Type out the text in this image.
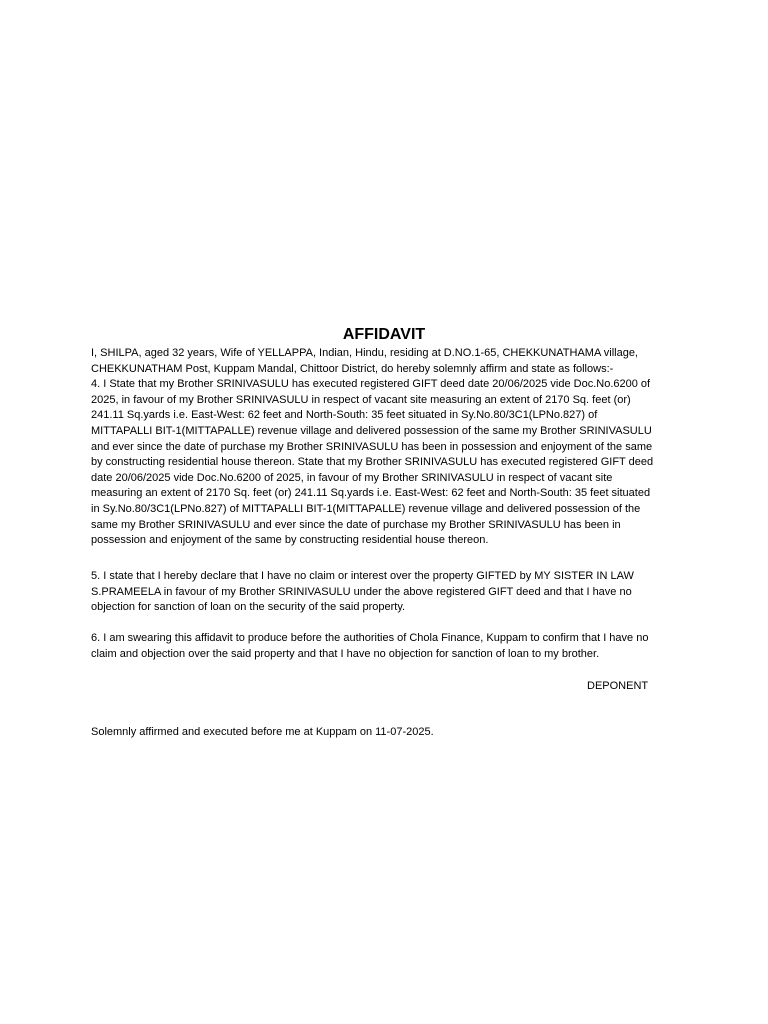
AFFIDAVIT

I, SHILPA, aged 32 years, Wife of YELLAPPA, Indian, Hindu, residing at D.NO.1-65, CHEKKUNATHAMA village,
CHEKKUNATHAM Post, Kuppam Mandal, Chittoor District, do hereby solemnly affirm and state as follows:-
4. I State that my Brother SRINIVASULU has executed registered GIFT deed date 20/06/2025 vide Doc.No.6200 of
2025, in favour of my Brother SRINIVASULU in respect of vacant site measuring an extent of 2170 Sq. feet (or)
241.11 Sq.yards i.e. East-West: 62 feet and North-South: 35 feet situated in Sy.No.80/3C1(LPNo.827) of
MITTAPALLI BIT-1(MITTAPALLE) revenue village and delivered possession of the same my Brother SRINIVASULU
and ever since the date of purchase my Brother SRINIVASULU has been in possession and enjoyment of the same
by constructing residential house thereon. State that my Brother SRINIVASULU has executed registered GIFT deed
date 20/06/2025 vide Doc.No.6200 of 2025, in favour of my Brother SRINIVASULU in respect of vacant site
measuring an extent of 2170 Sq. feet (or) 241.11 Sq.yards i.e. East-West: 62 feet and North-South: 35 feet situated
in Sy.No.80/3C1(LPNo.827) of MITTAPALLI BIT-1(MITTAPALLE) revenue village and delivered possession of the
same my Brother SRINIVASULU and ever since the date of purchase my Brother SRINIVASULU has been in
possession and enjoyment of the same by constructing residential house thereon.

5. I state that I hereby declare that I have no claim or interest over the property GIFTED by MY SISTER IN LAW
S.PRAMEELA in favour of my Brother SRINIVASULU under the above registered GIFT deed and that I have no
objection for sanction of loan on the security of the said property.

6. I am swearing this affidavit to produce before the authorities of Chola Finance, Kuppam to confirm that I have no
claim and objection over the said property and that I have no objection for sanction of loan to my brother.

DEPONENT

Solemnly affirmed and executed before me at Kuppam on 11-07-2025.
